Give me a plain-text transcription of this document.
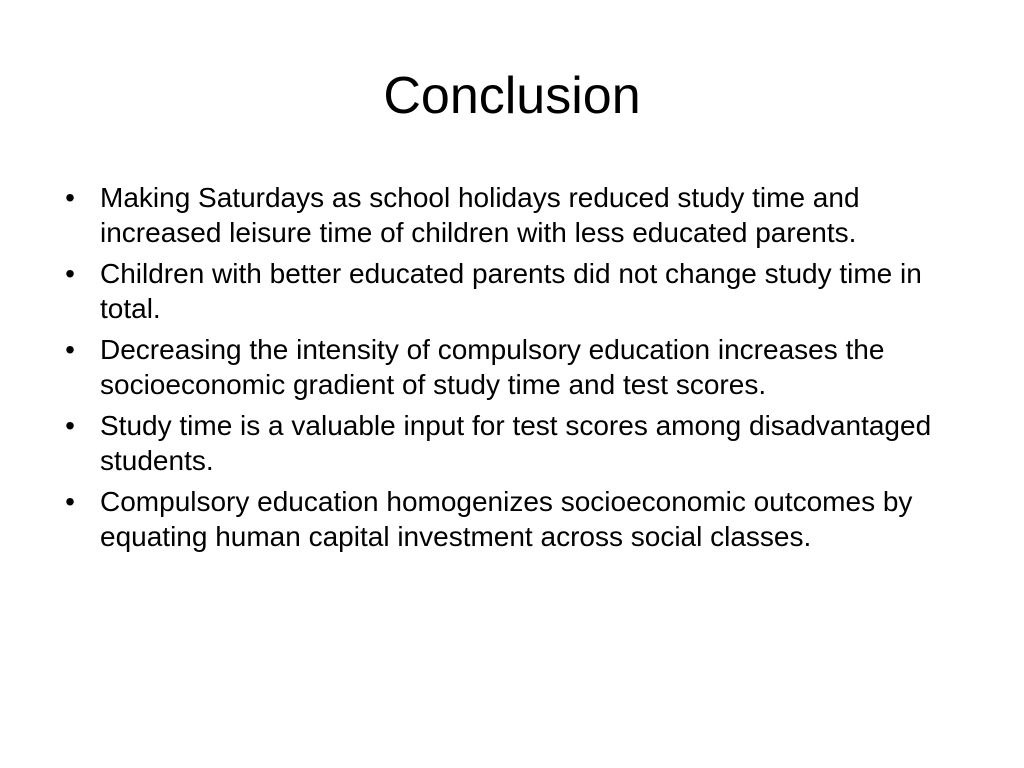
Conclusion
• Making Saturdays as school holidays reduced study time and increased leisure time of children with less educated parents.
• Children with better educated parents did not change study time in total.
• Decreasing the intensity of compulsory education increases the socioeconomic gradient of study time and test scores.
• Study time is a valuable input for test scores among disadvantaged students.
• Compulsory education homogenizes socioeconomic outcomes by equating human capital investment across social classes.
